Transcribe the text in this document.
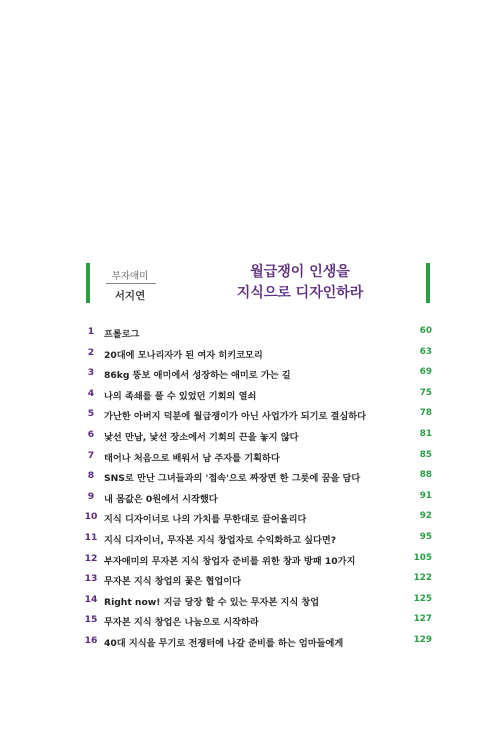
부자애미
서지연
월급쟁이 인생을
지식으로 디자인하라
1	프롤로그	60
2	20대에 모나리자가 된 여자 히키코모리	63
3	86kg 뚱보 애미에서 성장하는 애미로 가는 길	69
4	나의 족쇄를 풀 수 있었던 기회의 열쇠	75
5	가난한 아버지 덕분에 월급쟁이가 아닌 사업가가 되기로 결심하다	78
6	낯선 만남, 낯선 장소에서 기회의 끈을 놓지 않다	81
7	태어나 처음으로 배워서 남 주자를 기획하다	85
8	SNS로 만난 그녀들과의 '접속'으로 짜장면 한 그릇에 꿈을 담다	88
9	내 몸값은 0원에서 시작했다	91
10 지식 디자이너로 나의 가치를 무한대로 끌어올리다	92
11 지식 디자이너, 무자본 지식 창업자로 수익화하고 싶다면?	95
12 부자애미의 무자본 지식 창업자 준비를 위한 창과 방패 10가지	105
13 무자본 지식 창업의 꽃은 협업이다	122
14 Right now! 지금 당장 할 수 있는 무자본 지식 창업	125
15 무자본 지식 창업은 나눔으로 시작하라	127
16 40대 지식을 무기로 전쟁터에 나갈 준비를 하는 엄마들에게	129
